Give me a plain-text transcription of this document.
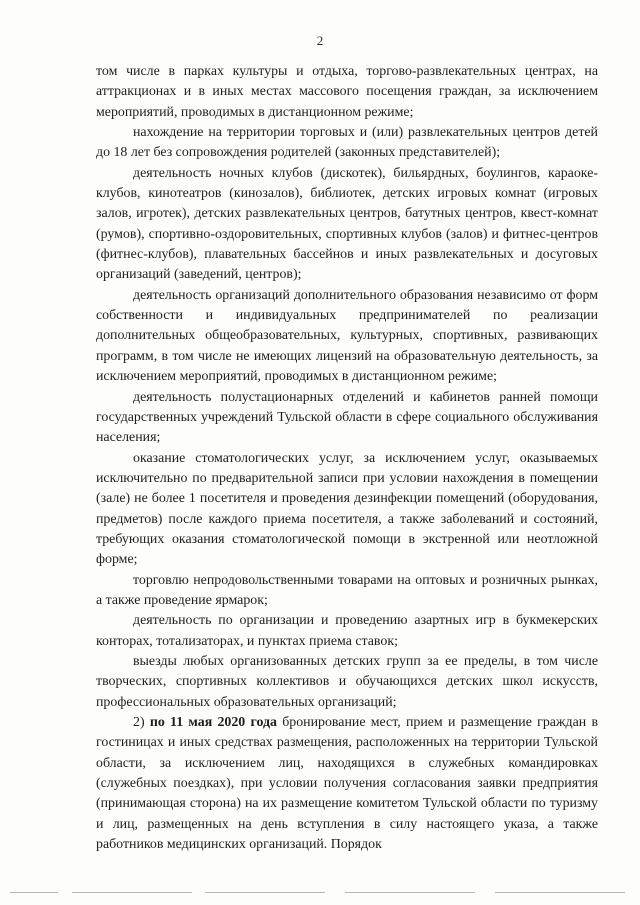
2

том числе в парках культуры и отдыха, торгово-развлекательных центрах, на аттракционах и в иных местах массового посещения граждан, за исключением мероприятий, проводимых в дистанционном режиме;

нахождение на территории торговых и (или) развлекательных центров детей до 18 лет без сопровождения родителей (законных представителей);

деятельность ночных клубов (дискотек), бильярдных, боулингов, караоке-клубов, кинотеатров (кинозалов), библиотек, детских игровых комнат (игровых залов, игротек), детских развлекательных центров, батутных центров, квест-комнат (румов), спортивно-оздоровительных, спортивных клубов (залов) и фитнес-центров (фитнес-клубов), плавательных бассейнов и иных развлекательных и досуговых организаций (заведений, центров);

деятельность организаций дополнительного образования независимо от форм собственности и индивидуальных предпринимателей по реализации дополнительных общеобразовательных, культурных, спортивных, развивающих программ, в том числе не имеющих лицензий на образовательную деятельность, за исключением мероприятий, проводимых в дистанционном режиме;

деятельность полустационарных отделений и кабинетов ранней помощи государственных учреждений Тульской области в сфере социального обслуживания населения;

оказание стоматологических услуг, за исключением услуг, оказываемых исключительно по предварительной записи при условии нахождения в помещении (зале) не более 1 посетителя и проведения дезинфекции помещений (оборудования, предметов) после каждого приема посетителя, а также заболеваний и состояний, требующих оказания стоматологической помощи в экстренной или неотложной форме;

торговлю непродовольственными товарами на оптовых и розничных рынках, а также проведение ярмарок;

деятельность по организации и проведению азартных игр в букмекерских конторах, тотализаторах, и пунктах приема ставок;

выезды любых организованных детских групп за ее пределы, в том числе творческих, спортивных коллективов и обучающихся детских школ искусств, профессиональных образовательных организаций;

2) по 11 мая 2020 года бронирование мест, прием и размещение граждан в гостиницах и иных средствах размещения, расположенных на территории Тульской области, за исключением лиц, находящихся в служебных командировках (служебных поездках), при условии получения согласования заявки предприятия (принимающая сторона) на их размещение комитетом Тульской области по туризму и лиц, размещенных на день вступления в силу настоящего указа, а также работников медицинских организаций. Порядок
